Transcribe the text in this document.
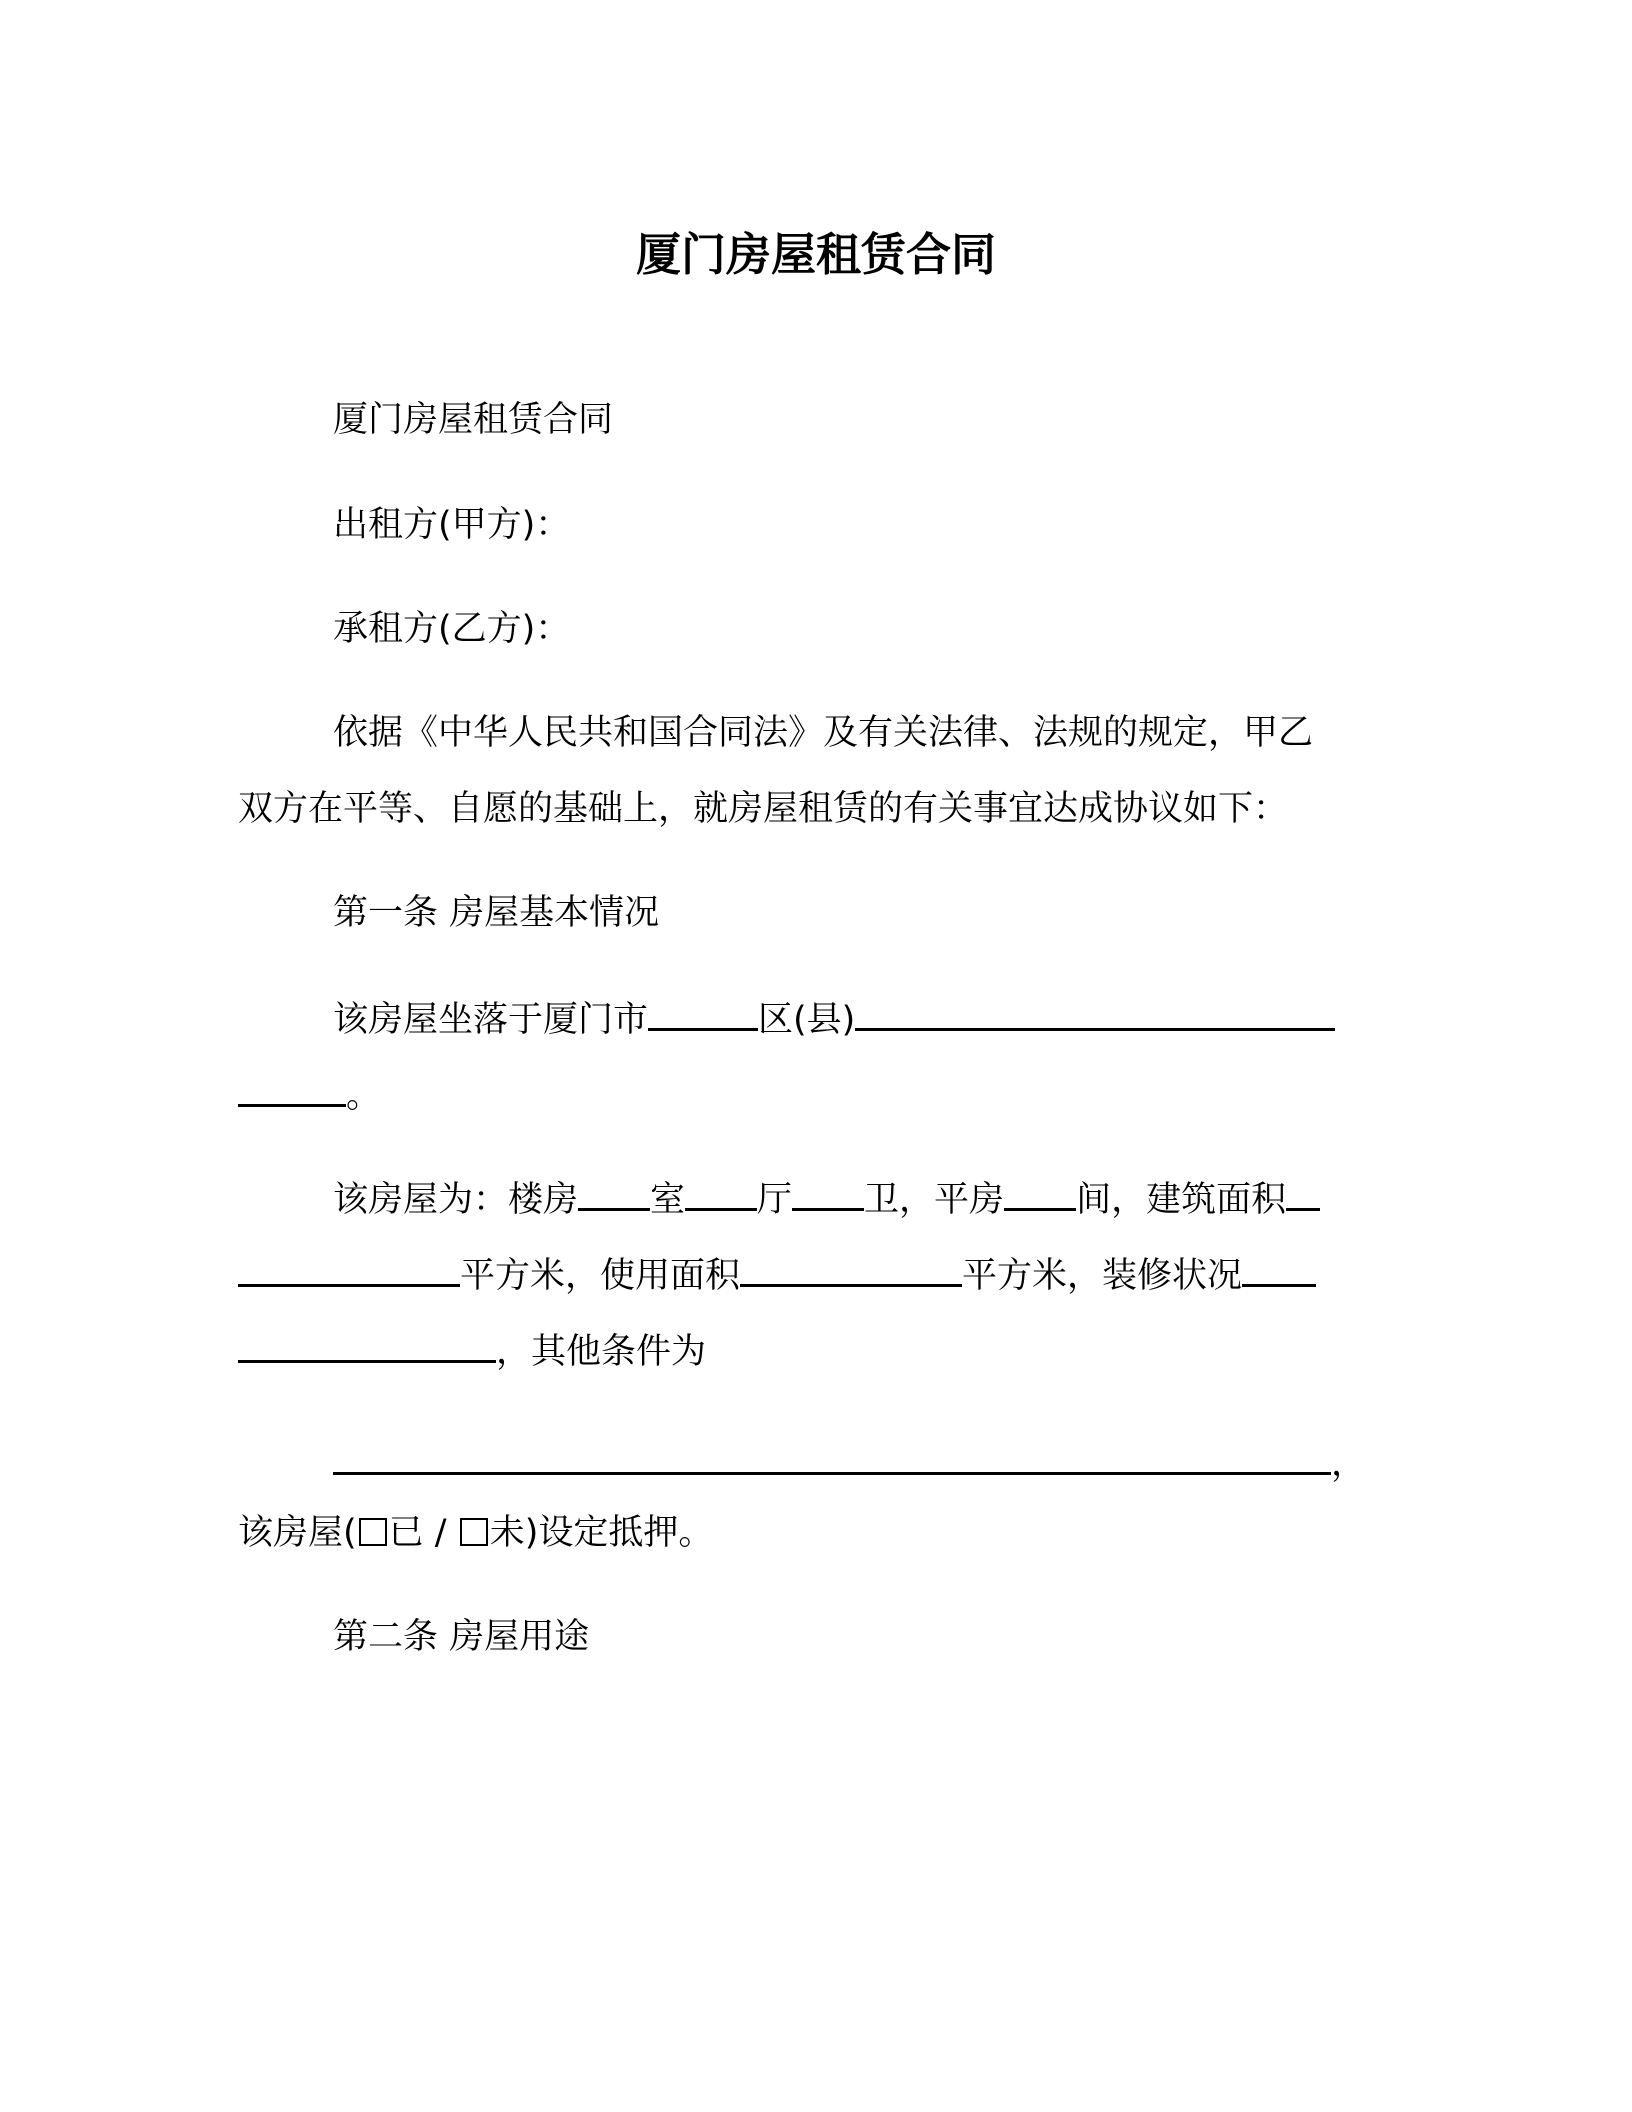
厦门房屋租赁合同
厦门房屋租赁合同
出租方(甲方)：
承租方(乙方)：
依据《中华人民共和国合同法》及有关法律、法规的规定，甲乙
双方在平等、自愿的基础上，就房屋租赁的有关事宜达成协议如下：
第一条 房屋基本情况
该房屋坐落于厦门市	区(县)
。
该房屋为：楼房 室 厅 卫，平房 间，建筑面积
平方米，使用面积	平方米，装修状况
，其他条件为
，
该房屋( 已 / 未)设定抵押。
第二条 房屋用途
